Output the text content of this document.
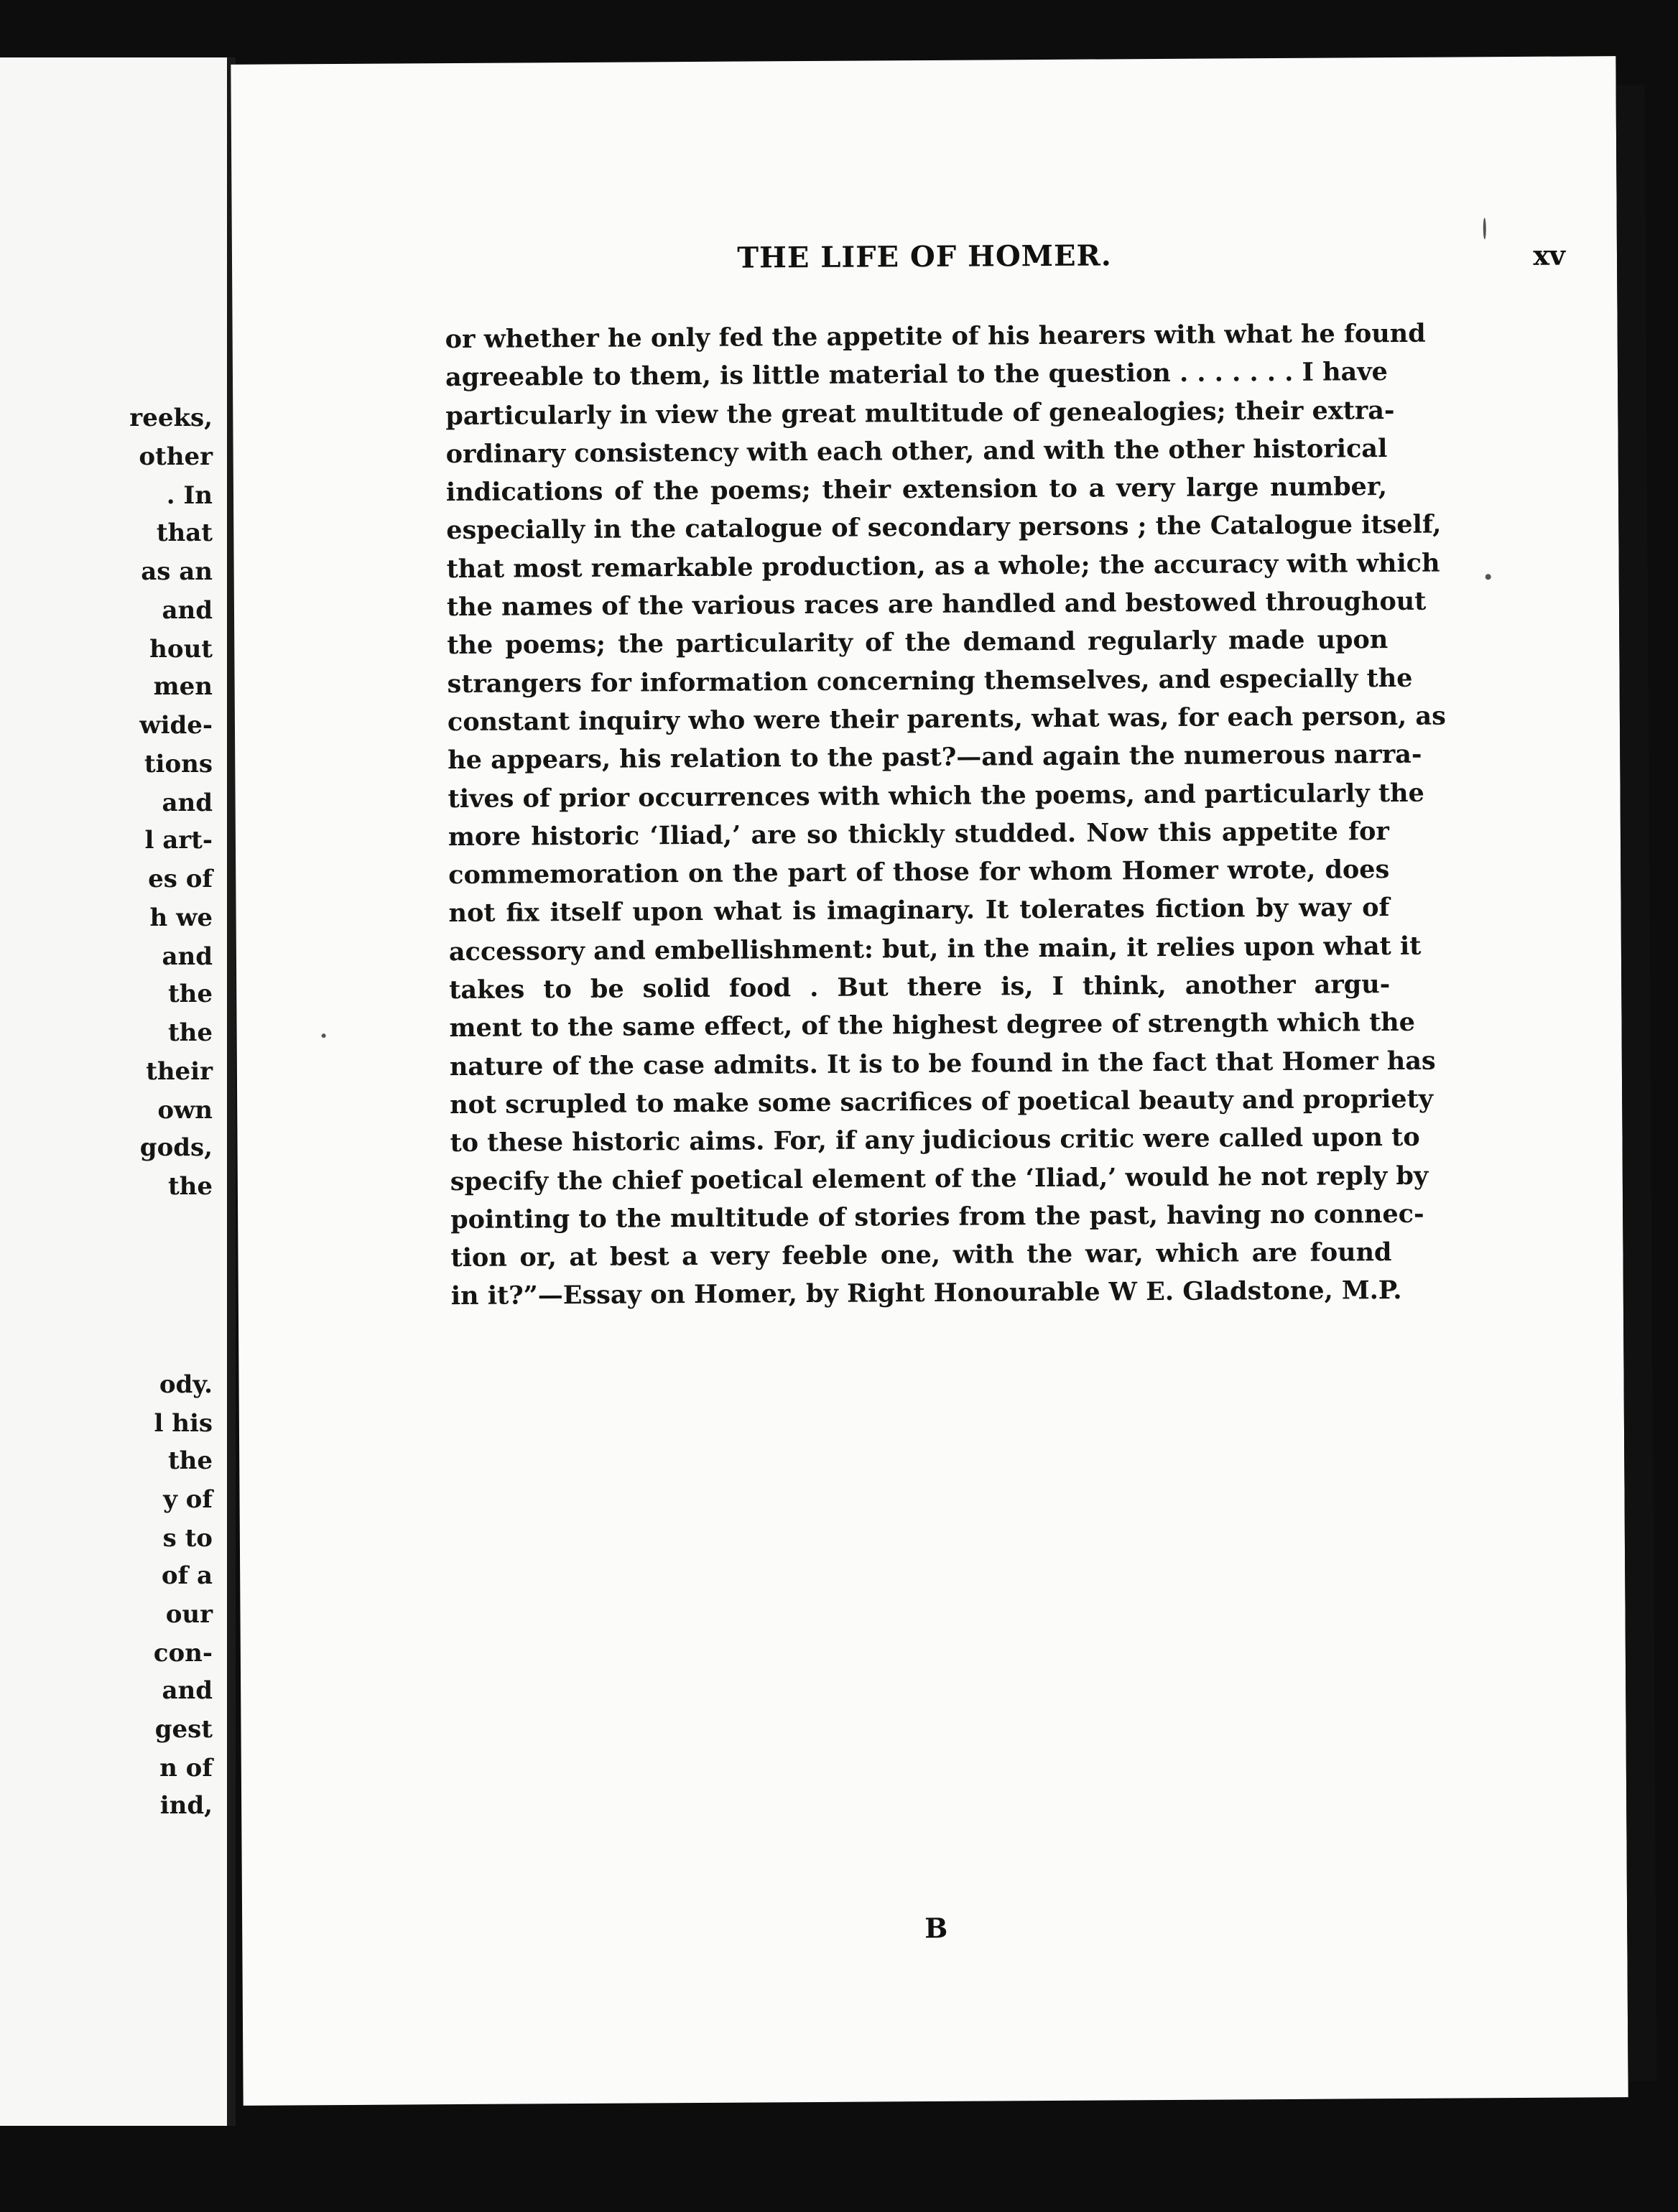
reeks,
other
. In
that
as an
and
hout
men
wide-
tions
and
l art-
es of
h we
and
the
the
their
own
gods,
the
ody.
l his
the
y of
s to
of a
our
con-
and
gest
n of
ind,
THE LIFE OF HOMER.	xv
or whether he only fed the appetite of his hearers with what he found
agreeable to them, is little material to the question . . . . . . . I have
particularly in view the great multitude of genealogies; their extra-
ordinary consistency with each other, and with the other historical
indications of the poems; their extension to a very large number,
especially in the catalogue of secondary persons ; the Catalogue itself,
that most remarkable production, as a whole; the accuracy with which
the names of the various races are handled and bestowed throughout
the poems; the particularity of the demand regularly made upon
strangers for information concerning themselves, and especially the
constant inquiry who were their parents, what was, for each person, as
he appears, his relation to the past?—and again the numerous narra-
tives of prior occurrences with which the poems, and particularly the
more historic ‘Iliad,’ are so thickly studded. Now this appetite for
commemoration on the part of those for whom Homer wrote, does
not fix itself upon what is imaginary. It tolerates fiction by way of
accessory and embellishment: but, in the main, it relies upon what it
takes to be solid food . But there is, I think, another argu-
ment to the same effect, of the highest degree of strength which the
nature of the case admits. It is to be found in the fact that Homer has
not scrupled to make some sacrifices of poetical beauty and propriety
to these historic aims. For, if any judicious critic were called upon to
specify the chief poetical element of the ‘Iliad,’ would he not reply by
pointing to the multitude of stories from the past, having no connec-
tion or, at best a very feeble one, with the war, which are found
in it?”—Essay on Homer, by Right Honourable W E. Gladstone, M.P.
B
